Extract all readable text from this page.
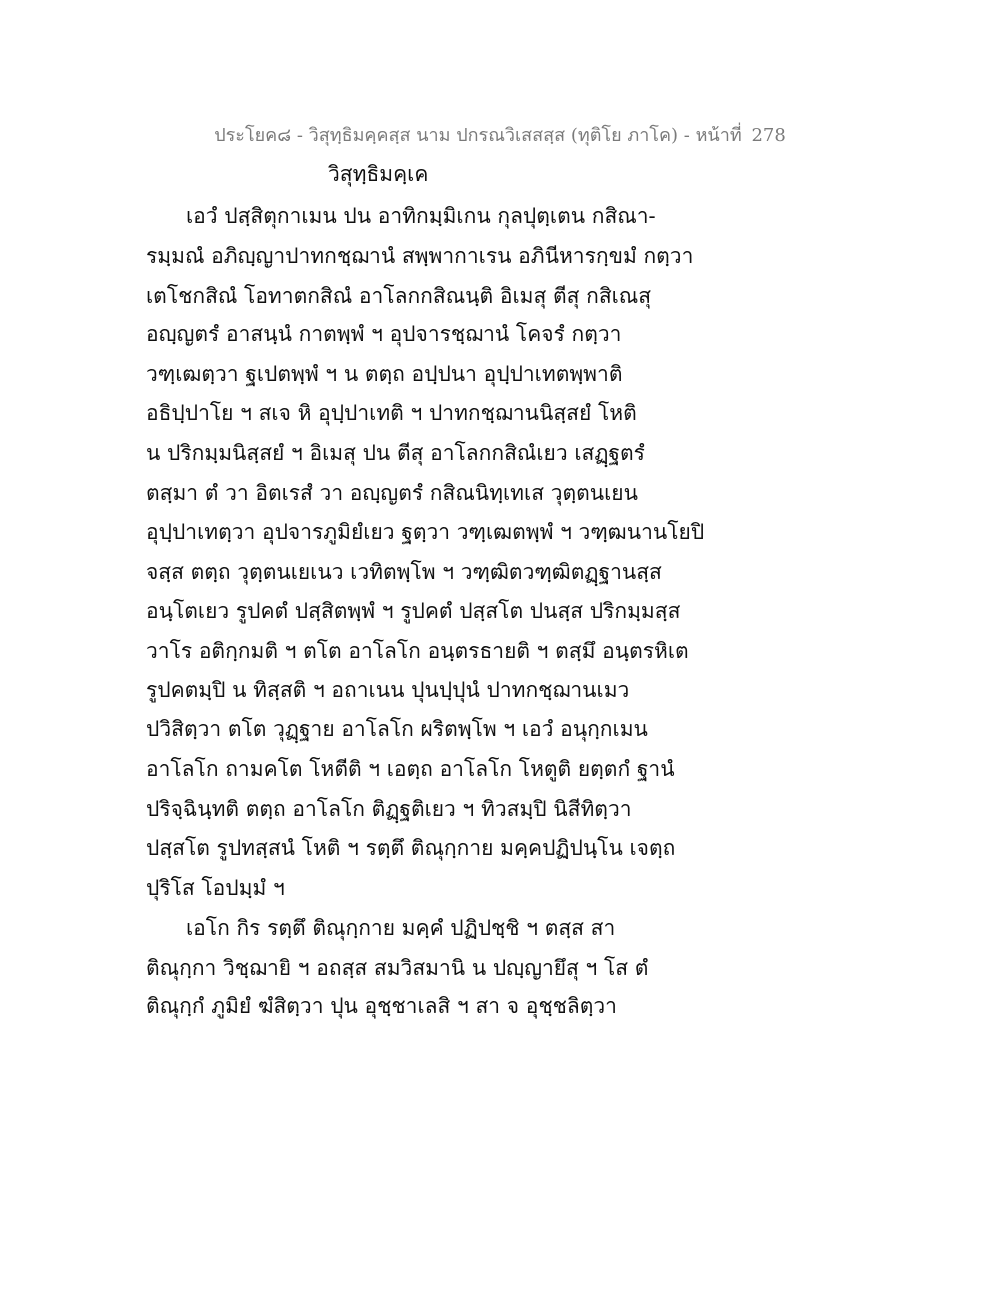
ประโยค๘ - วิสุทฺธิมคฺคสฺส นาม ปกรณวิเสสสฺส (ทุติโย ภาโค) - หน้าที่ 278
วิสุทฺธิมคฺเค
เอวํ ปสฺสิตุกาเมน ปน อาทิกมฺมิเกน กุลปุตฺเตน กสิณา-
รมฺมณํ อภิญฺญาปาทกชฺฌานํ สพฺพากาเรน อภินีหารกฺขมํ กตฺวา
เตโชกสิณํ โอทาตกสิณํ อาโลกกสิณนฺติ อิเมสุ ตีสุ กสิเณสุ
อญฺญตรํ อาสนฺนํ กาตพฺพํ ฯ อุปจารชฺฌานํ โคจรํ กตฺวา
วฑฺเฒตฺวา ฐเปตพฺพํ ฯ น ตตฺถ อปฺปนา อุปฺปาเทตพฺพาติ
อธิปฺปาโย ฯ สเจ หิ อุปฺปาเทติ ฯ ปาทกชฺฌานนิสฺสยํ โหติ
น ปริกมฺมนิสฺสยํ ฯ อิเมสุ ปน ตีสุ อาโลกกสิณํเยว เสฏฺฐตรํ
ตสฺมา ตํ วา อิตเรสํ วา อญฺญตรํ กสิณนิทฺเทเส วุตฺตนเยน
อุปฺปาเทตฺวา อุปจารภูมิยํเยว ฐตฺวา วฑฺเฒตพฺพํ ฯ วฑฺฒนานโยปิ
จสฺส ตตฺถ วุตฺตนเยเนว เวทิตพฺโพ ฯ วฑฺฒิตวฑฺฒิตฏฺฐานสฺส
อนฺโตเยว รูปคตํ ปสฺสิตพฺพํ ฯ รูปคตํ ปสฺสโต ปนสฺส ปริกมฺมสฺส
วาโร อติกฺกมติ ฯ ตโต อาโลโก อนฺตรธายติ ฯ ตสฺมึ อนฺตรหิเต
รูปคตมฺปิ น ทิสฺสติ ฯ อถาเนน ปุนปฺปุนํ ปาทกชฺฌานเมว
ปวิสิตฺวา ตโต วุฏฺฐาย อาโลโก ผริตพฺโพ ฯ เอวํ อนุกฺกเมน
อาโลโก ถามคโต โหตีติ ฯ เอตฺถ อาโลโก โหตูติ ยตฺตกํ ฐานํ
ปริจฺฉินฺทติ ตตฺถ อาโลโก ติฏฺฐติเยว ฯ ทิวสมฺปิ นิสีทิตฺวา
ปสฺสโต รูปทสฺสนํ โหติ ฯ รตฺตึ ติณุกฺกาย มคฺคปฏิปนฺโน เจตฺถ
ปุริโส โอปมฺมํ ฯ
เอโก กิร รตฺตึ ติณุกฺกาย มคฺคํ ปฏิปชฺชิ ฯ ตสฺส สา
ติณุกฺกา วิชฺฌายิ ฯ อถสฺส สมวิสมานิ น ปญฺญายึสุ ฯ โส ตํ
ติณุกฺกํ ภูมิยํ ฆํสิตฺวา ปุน อุชฺชาเลสิ ฯ สา จ อุชฺชลิตฺวา
